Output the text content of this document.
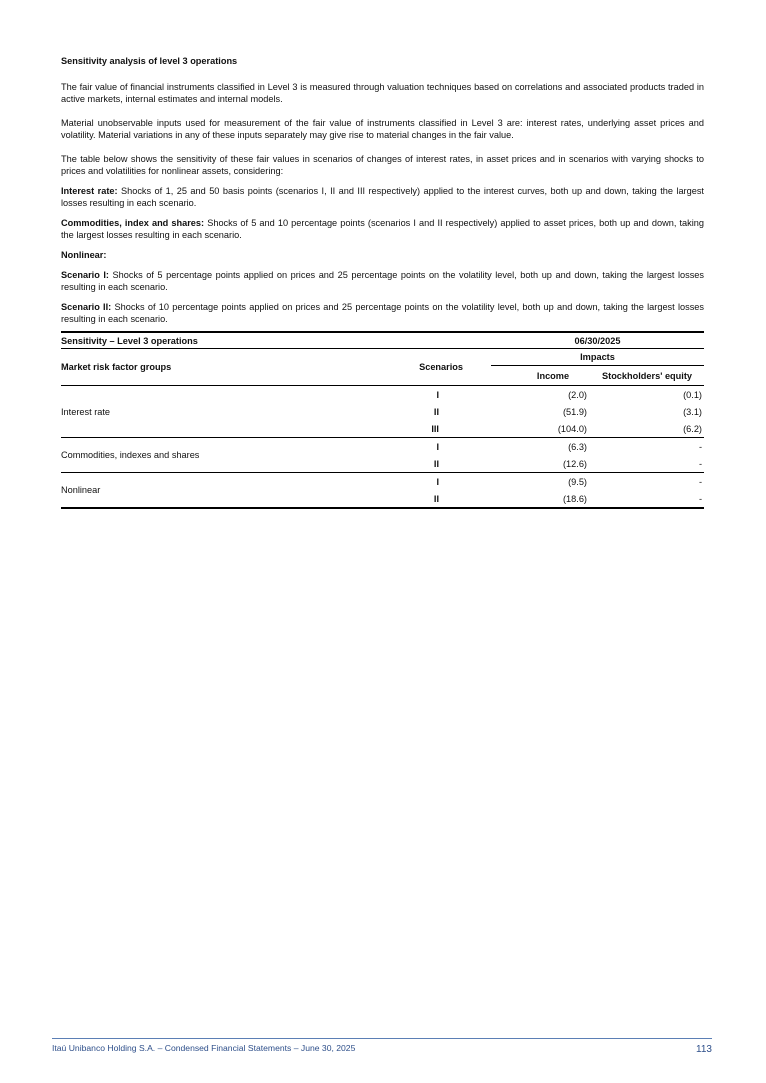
Sensitivity analysis of level 3 operations

The fair value of financial instruments classified in Level 3 is measured through valuation techniques based on correlations and associated products traded in active markets, internal estimates and internal models.

Material unobservable inputs used for measurement of the fair value of instruments classified in Level 3 are: interest rates, underlying asset prices and volatility. Material variations in any of these inputs separately may give rise to material changes in the fair value.

The table below shows the sensitivity of these fair values in scenarios of changes of interest rates, in asset prices and in scenarios with varying shocks to prices and volatilities for nonlinear assets, considering:

Interest rate: Shocks of 1, 25 and 50 basis points (scenarios I, II and III respectively) applied to the interest curves, both up and down, taking the largest losses resulting in each scenario.

Commodities, index and shares: Shocks of 5 and 10 percentage points (scenarios I and II respectively) applied to asset prices, both up and down, taking the largest losses resulting in each scenario.

Nonlinear:

Scenario I: Shocks of 5 percentage points applied on prices and 25 percentage points on the volatility level, both up and down, taking the largest losses resulting in each scenario.

Scenario II: Shocks of 10 percentage points applied on prices and 25 percentage points on the volatility level, both up and down, taking the largest losses resulting in each scenario.

Sensitivity – Level 3 operations		06/30/2025	
Market risk factor groups	Scenarios	Impacts	
		Income	Stockholders' equity
Interest rate	I	(2.0)	(0.1)
	II	(51.9)	(3.1)
	III	(104.0)	(6.2)
Commodities, indexes and shares	I	(6.3)	-
	II	(12.6)	-
Nonlinear	I	(9.5)	-
	II	(18.6)	-
Itaú Unibanco Holding S.A. – Condensed Financial Statements – June 30, 2025	113
